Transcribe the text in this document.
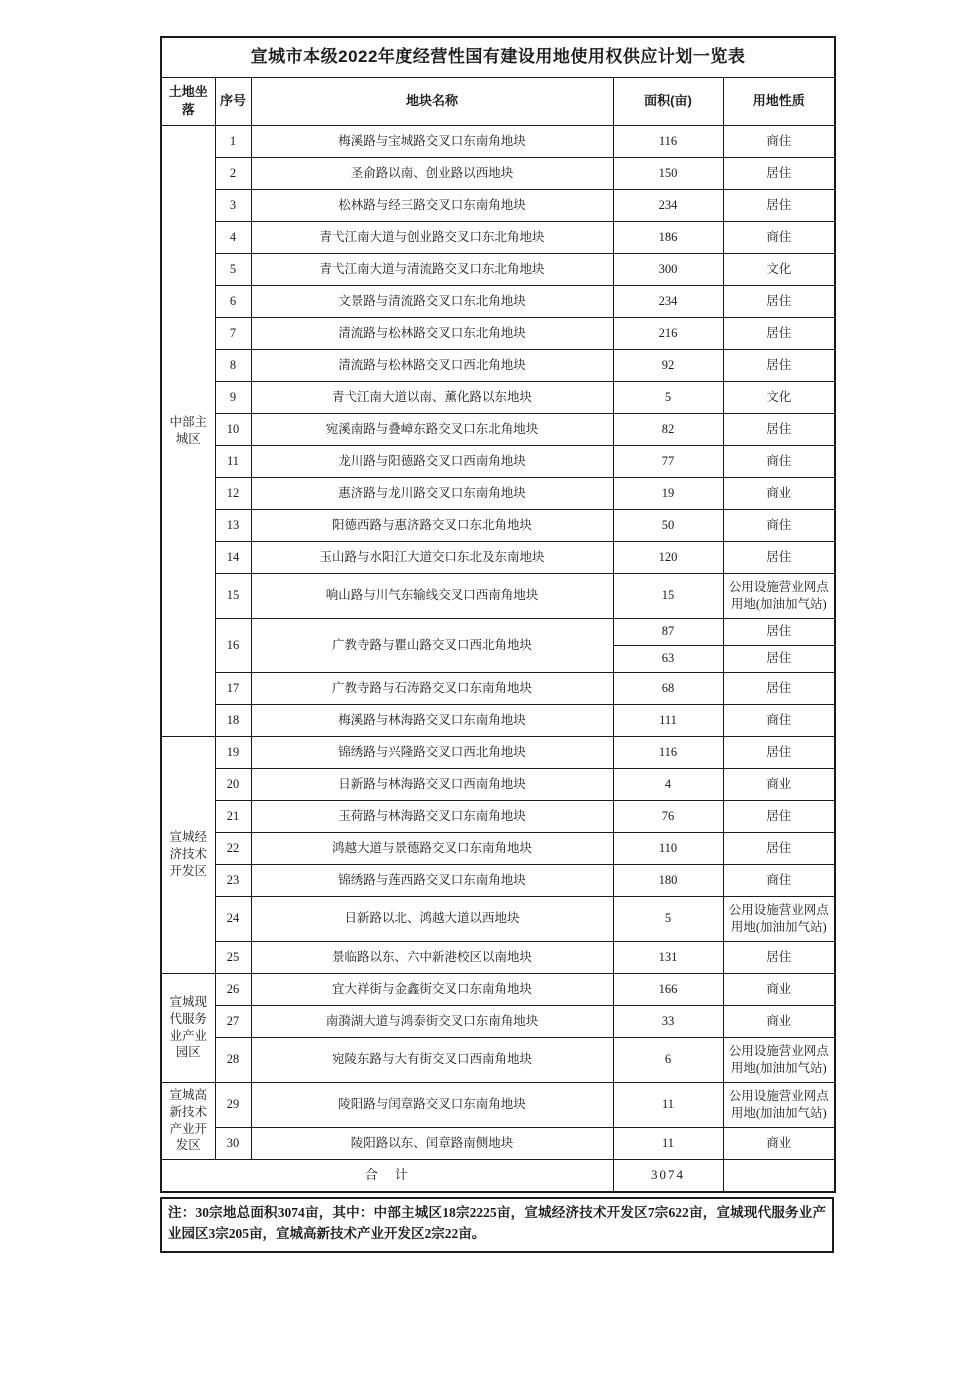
宣城市本级2022年度经营性国有建设用地使用权供应计划一览表				
土地坐落	序号	地块名称	面积(亩)	用地性质
中部主城区	1	梅溪路与宝城路交叉口东南角地块	116	商住
	2	圣俞路以南、创业路以西地块	150	居住
	3	松林路与经三路交叉口东南角地块	234	居住
	4	青弋江南大道与创业路交叉口东北角地块	186	商住
	5	青弋江南大道与清流路交叉口东北角地块	300	文化
	6	文景路与清流路交叉口东北角地块	234	居住
	7	清流路与松林路交叉口东北角地块	216	居住
	8	清流路与松林路交叉口西北角地块	92	居住
	9	青弋江南大道以南、薰化路以东地块	5	文化
	10	宛溪南路与叠嶂东路交叉口东北角地块	82	居住
	11	龙川路与阳德路交叉口西南角地块	77	商住
	12	惠济路与龙川路交叉口东南角地块	19	商业
	13	阳德西路与惠济路交叉口东北角地块	50	商住
	14	玉山路与水阳江大道交口东北及东南地块	120	居住
	15	响山路与川气东输线交叉口西南角地块	15	公用设施营业网点用地(加油加气站)
	16	广教寺路与瞿山路交叉口西北角地块	87	居住
			63	居住
	17	广教寺路与石涛路交叉口东南角地块	68	居住
	18	梅溪路与林海路交叉口东南角地块	111	商住
宣城经济技术开发区	19	锦绣路与兴隆路交叉口西北角地块	116	居住
	20	日新路与林海路交叉口西南角地块	4	商业
	21	玉荷路与林海路交叉口东南角地块	76	居住
	22	鸿越大道与景德路交叉口东南角地块	110	居住
	23	锦绣路与莲西路交叉口东南角地块	180	商住
	24	日新路以北、鸿越大道以西地块	5	公用设施营业网点用地(加油加气站)
	25	景临路以东、六中新港校区以南地块	131	居住
宣城现代服务业产业园区	26	宜大祥街与金鑫街交叉口东南角地块	166	商业
	27	南漪湖大道与鸿泰街交叉口东南角地块	33	商业
	28	宛陵东路与大有街交叉口西南角地块	6	公用设施营业网点用地(加油加气站)
宣城高新技术产业开发区	29	陵阳路与闰章路交叉口东南角地块	11	公用设施营业网点用地(加油加气站)
	30	陵阳路以东、闰章路南侧地块	11	商业
合　计			3074	
注：30宗地总面积3074亩，其中：中部主城区18宗2225亩，宣城经济技术开发区7宗622亩，宣城现代服务业产业园区3宗205亩，宣城高新技术产业开发区2宗22亩。
